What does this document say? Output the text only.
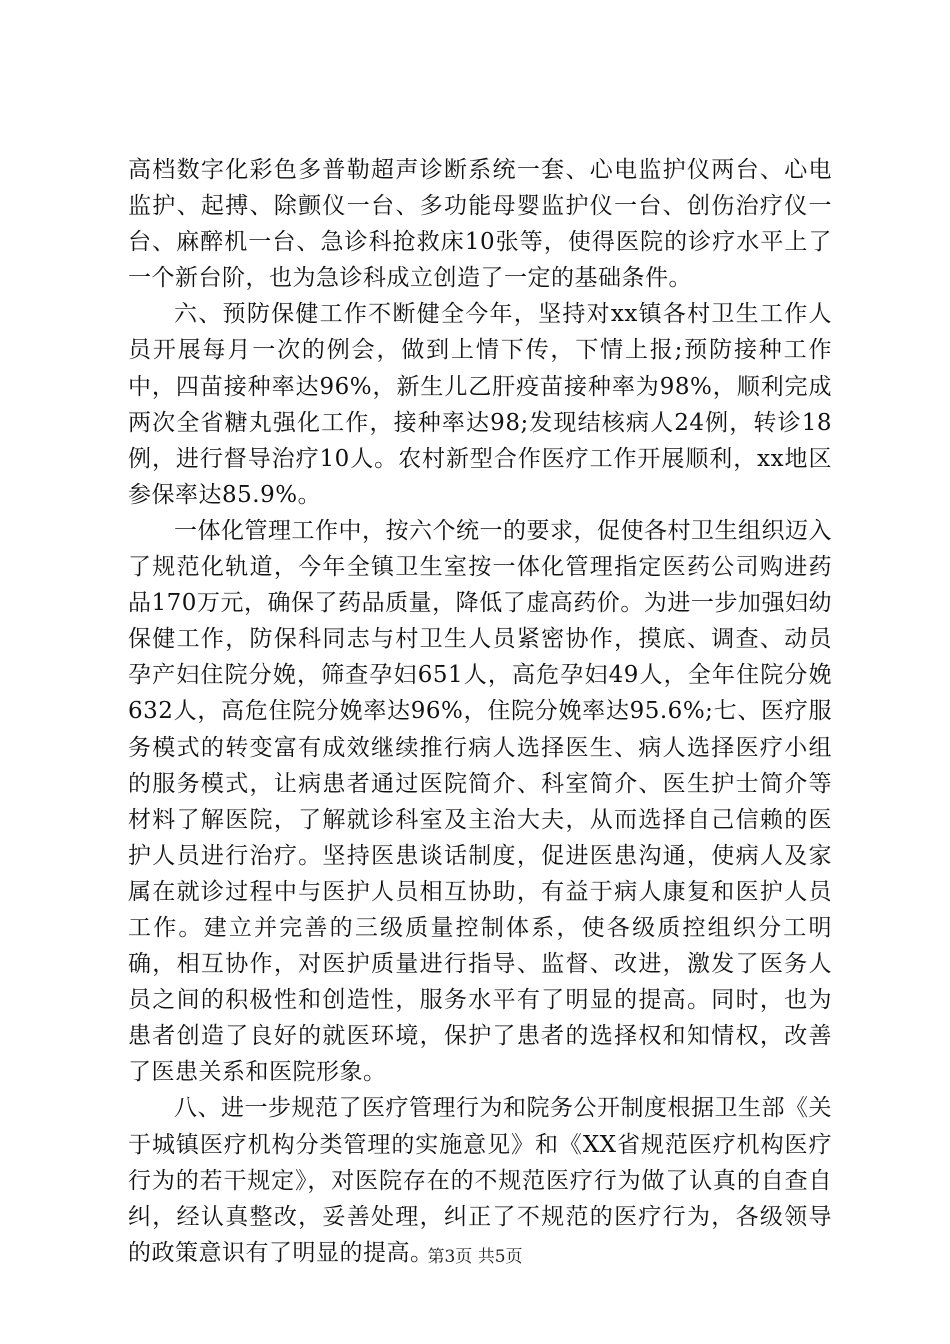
高档数字化彩色多普勒超声诊断系统一套、心电监护仪两台、心电监护、起搏、除颤仪一台、多功能母婴监护仪一台、创伤治疗仪一台、麻醉机一台、急诊科抢救床10张等，使得医院的诊疗水平上了一个新台阶，也为急诊科成立创造了一定的基础条件。

六、预防保健工作不断健全今年，坚持对xx镇各村卫生工作人员开展每月一次的例会，做到上情下传，下情上报;预防接种工作中，四苗接种率达96%，新生儿乙肝疫苗接种率为98%，顺利完成两次全省糖丸强化工作，接种率达98;发现结核病人24例，转诊18例，进行督导治疗10人。农村新型合作医疗工作开展顺利，xx地区参保率达85.9%。

一体化管理工作中，按六个统一的要求，促使各村卫生组织迈入了规范化轨道，今年全镇卫生室按一体化管理指定医药公司购进药品170万元，确保了药品质量，降低了虚高药价。为进一步加强妇幼保健工作，防保科同志与村卫生人员紧密协作，摸底、调查、动员孕产妇住院分娩，筛查孕妇651人，高危孕妇49人，全年住院分娩632人，高危住院分娩率达96%，住院分娩率达95.6%;七、医疗服务模式的转变富有成效继续推行病人选择医生、病人选择医疗小组的服务模式，让病患者通过医院简介、科室简介、医生护士简介等材料了解医院，了解就诊科室及主治大夫，从而选择自己信赖的医护人员进行治疗。坚持医患谈话制度，促进医患沟通，使病人及家属在就诊过程中与医护人员相互协助，有益于病人康复和医护人员工作。建立并完善的三级质量控制体系，使各级质控组织分工明确，相互协作，对医护质量进行指导、监督、改进，激发了医务人员之间的积极性和创造性，服务水平有了明显的提高。同时，也为患者创造了良好的就医环境，保护了患者的选择权和知情权，改善了医患关系和医院形象。

八、进一步规范了医疗管理行为和院务公开制度根据卫生部《关于城镇医疗机构分类管理的实施意见》和《XX省规范医疗机构医疗行为的若干规定》，对医院存在的不规范医疗行为做了认真的自查自纠，经认真整改，妥善处理，纠正了不规范的医疗行为，各级领导的政策意识有了明显的提高。

第3页 共5页
